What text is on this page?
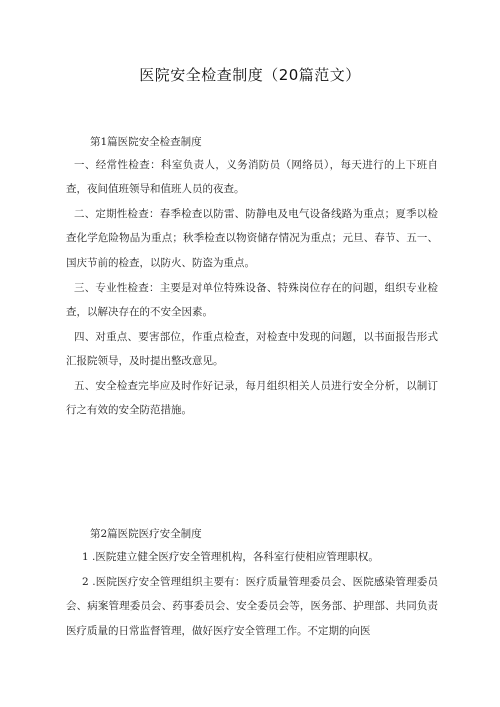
医院安全检查制度（20篇范文）
第1篇医院安全检查制度
一、经常性检查：科室负责人，义务消防员（网络员），每天进行的上下班自查，夜间值班领导和值班人员的夜查。
二、定期性检查：春季检查以防雷、防静电及电气设备线路为重点；夏季以检查化学危险物品为重点；秋季检查以物资储存情况为重点；元旦、春节、五一、国庆节前的检查，以防火、防盗为重点。
三、专业性检查：主要是对单位特殊设备、特殊岗位存在的问题，组织专业检查，以解决存在的不安全因素。
四、对重点、要害部位，作重点检查，对检查中发现的问题，以书面报告形式汇报院领导，及时提出整改意见。
五、安全检查完毕应及时作好记录，每月组织相关人员进行安全分析，以制订行之有效的安全防范措施。
第2篇医院医疗安全制度
1 .医院建立健全医疗安全管理机构，各科室行使相应管理职权。
2 .医院医疗安全管理组织主要有：医疗质量管理委员会、医院感染管理委员会、病案管理委员会、药事委员会、安全委员会等，医务部、护理部、共同负责医疗质量的日常监督管理，做好医疗安全管理工作。不定期的向医
